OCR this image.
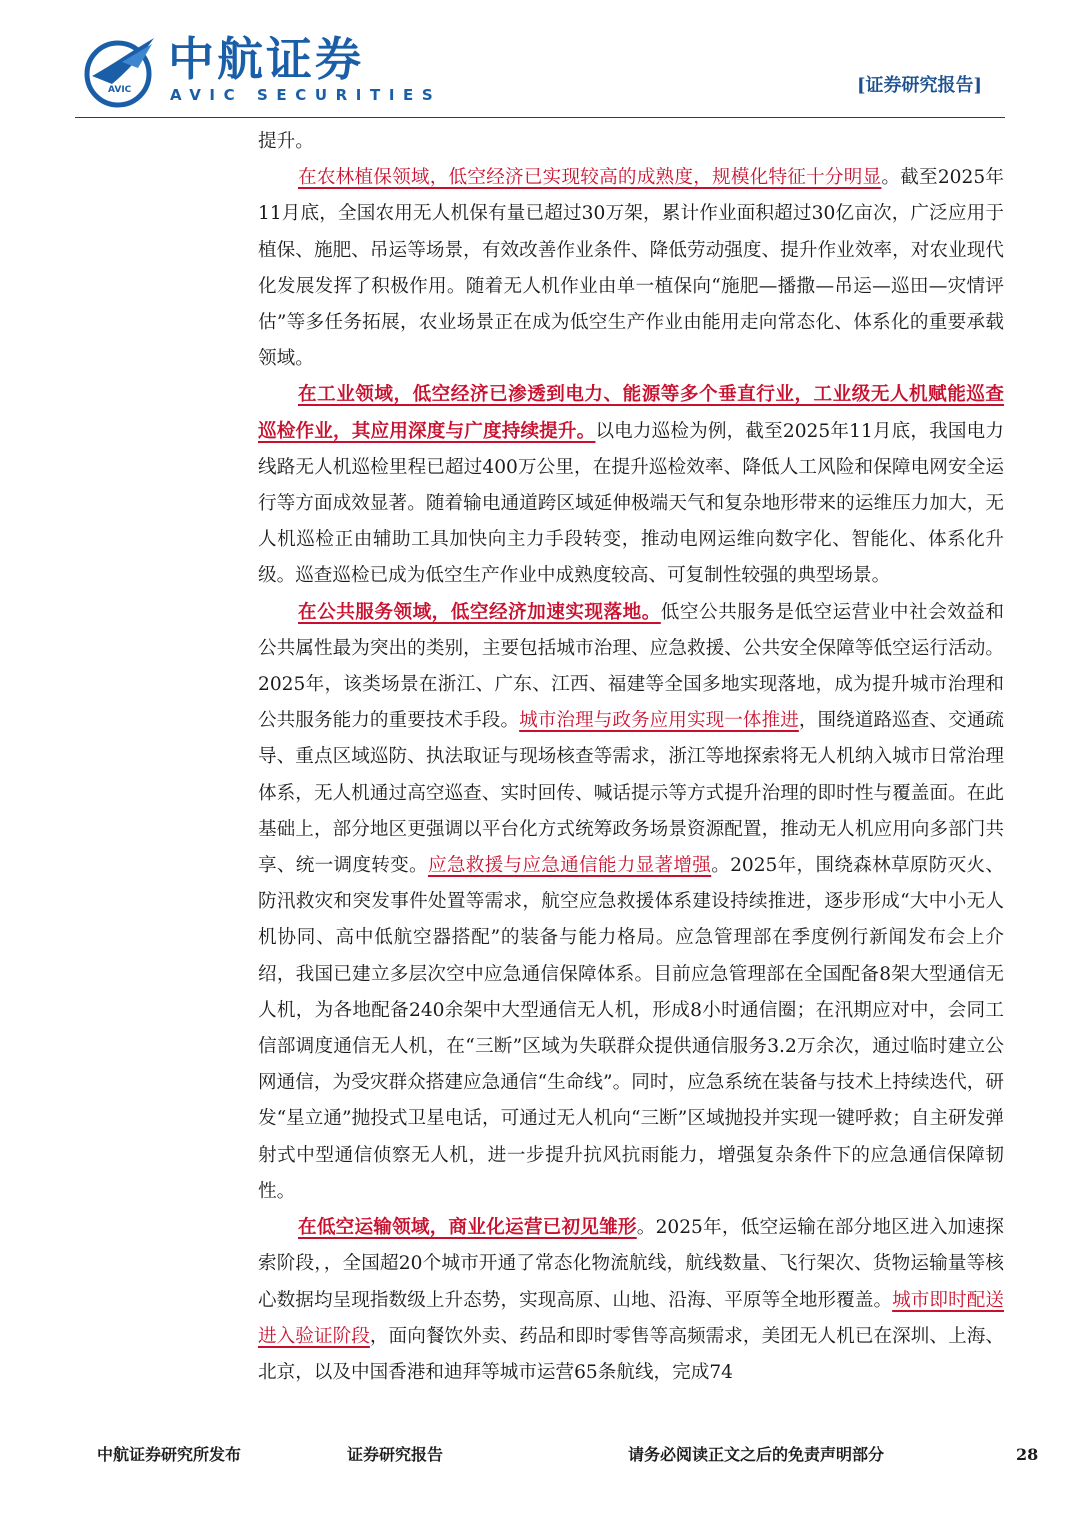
AVIC
中航证券
AVIC SECURITIES	[证券研究报告]

提升。

在农林植保领域，低空经济已实现较高的成熟度，规模化特征十分明显。截至2025年11月底，全国农用无人机保有量已超过30万架，累计作业面积超过30亿亩次，广泛应用于植保、施肥、吊运等场景，有效改善作业条件、降低劳动强度、提升作业效率，对农业现代化发展发挥了积极作用。随着无人机作业由单一植保向“施肥—播撒—吊运—巡田—灾情评估”等多任务拓展，农业场景正在成为低空生产作业由能用走向常态化、体系化的重要承载领域。

在工业领域，低空经济已渗透到电力、能源等多个垂直行业，工业级无人机赋能巡查巡检作业，其应用深度与广度持续提升。以电力巡检为例，截至2025年11月底，我国电力线路无人机巡检里程已超过400万公里，在提升巡检效率、降低人工风险和保障电网安全运行等方面成效显著。随着输电通道跨区域延伸极端天气和复杂地形带来的运维压力加大，无人机巡检正由辅助工具加快向主力手段转变，推动电网运维向数字化、智能化、体系化升级。巡查巡检已成为低空生产作业中成熟度较高、可复制性较强的典型场景。

在公共服务领域，低空经济加速实现落地。低空公共服务是低空运营业中社会效益和公共属性最为突出的类别，主要包括城市治理、应急救援、公共安全保障等低空运行活动。2025年，该类场景在浙江、广东、江西、福建等全国多地实现落地，成为提升城市治理和公共服务能力的重要技术手段。城市治理与政务应用实现一体推进，围绕道路巡查、交通疏导、重点区域巡防、执法取证与现场核查等需求，浙江等地探索将无人机纳入城市日常治理体系，无人机通过高空巡查、实时回传、喊话提示等方式提升治理的即时性与覆盖面。在此基础上，部分地区更强调以平台化方式统筹政务场景资源配置，推动无人机应用向多部门共享、统一调度转变。应急救援与应急通信能力显著增强。2025年，围绕森林草原防灭火、防汛救灾和突发事件处置等需求，航空应急救援体系建设持续推进，逐步形成“大中小无人机协同、高中低航空器搭配”的装备与能力格局。应急管理部在季度例行新闻发布会上介绍，我国已建立多层次空中应急通信保障体系。目前应急管理部在全国配备8架大型通信无人机，为各地配备240余架中大型通信无人机，形成8小时通信圈；在汛期应对中，会同工信部调度通信无人机，在“三断”区域为失联群众提供通信服务3.2万余次，通过临时建立公网通信，为受灾群众搭建应急通信“生命线”。同时，应急系统在装备与技术上持续迭代，研发“星立通”抛投式卫星电话，可通过无人机向“三断”区域抛投并实现一键呼救；自主研发弹射式中型通信侦察无人机，进一步提升抗风抗雨能力，增强复杂条件下的应急通信保障韧性。

在低空运输领域，商业化运营已初见雏形。2025年，低空运输在部分地区进入加速探索阶段，，全国超20个城市开通了常态化物流航线，航线数量、飞行架次、货物运输量等核心数据均呈现指数级上升态势，实现高原、山地、沿海、平原等全地形覆盖。城市即时配送进入验证阶段，面向餐饮外卖、药品和即时零售等高频需求，美团无人机已在深圳、上海、北京，以及中国香港和迪拜等城市运营65条航线，完成74

中航证券研究所发布	证券研究报告	请务必阅读正文之后的免责声明部分	28
